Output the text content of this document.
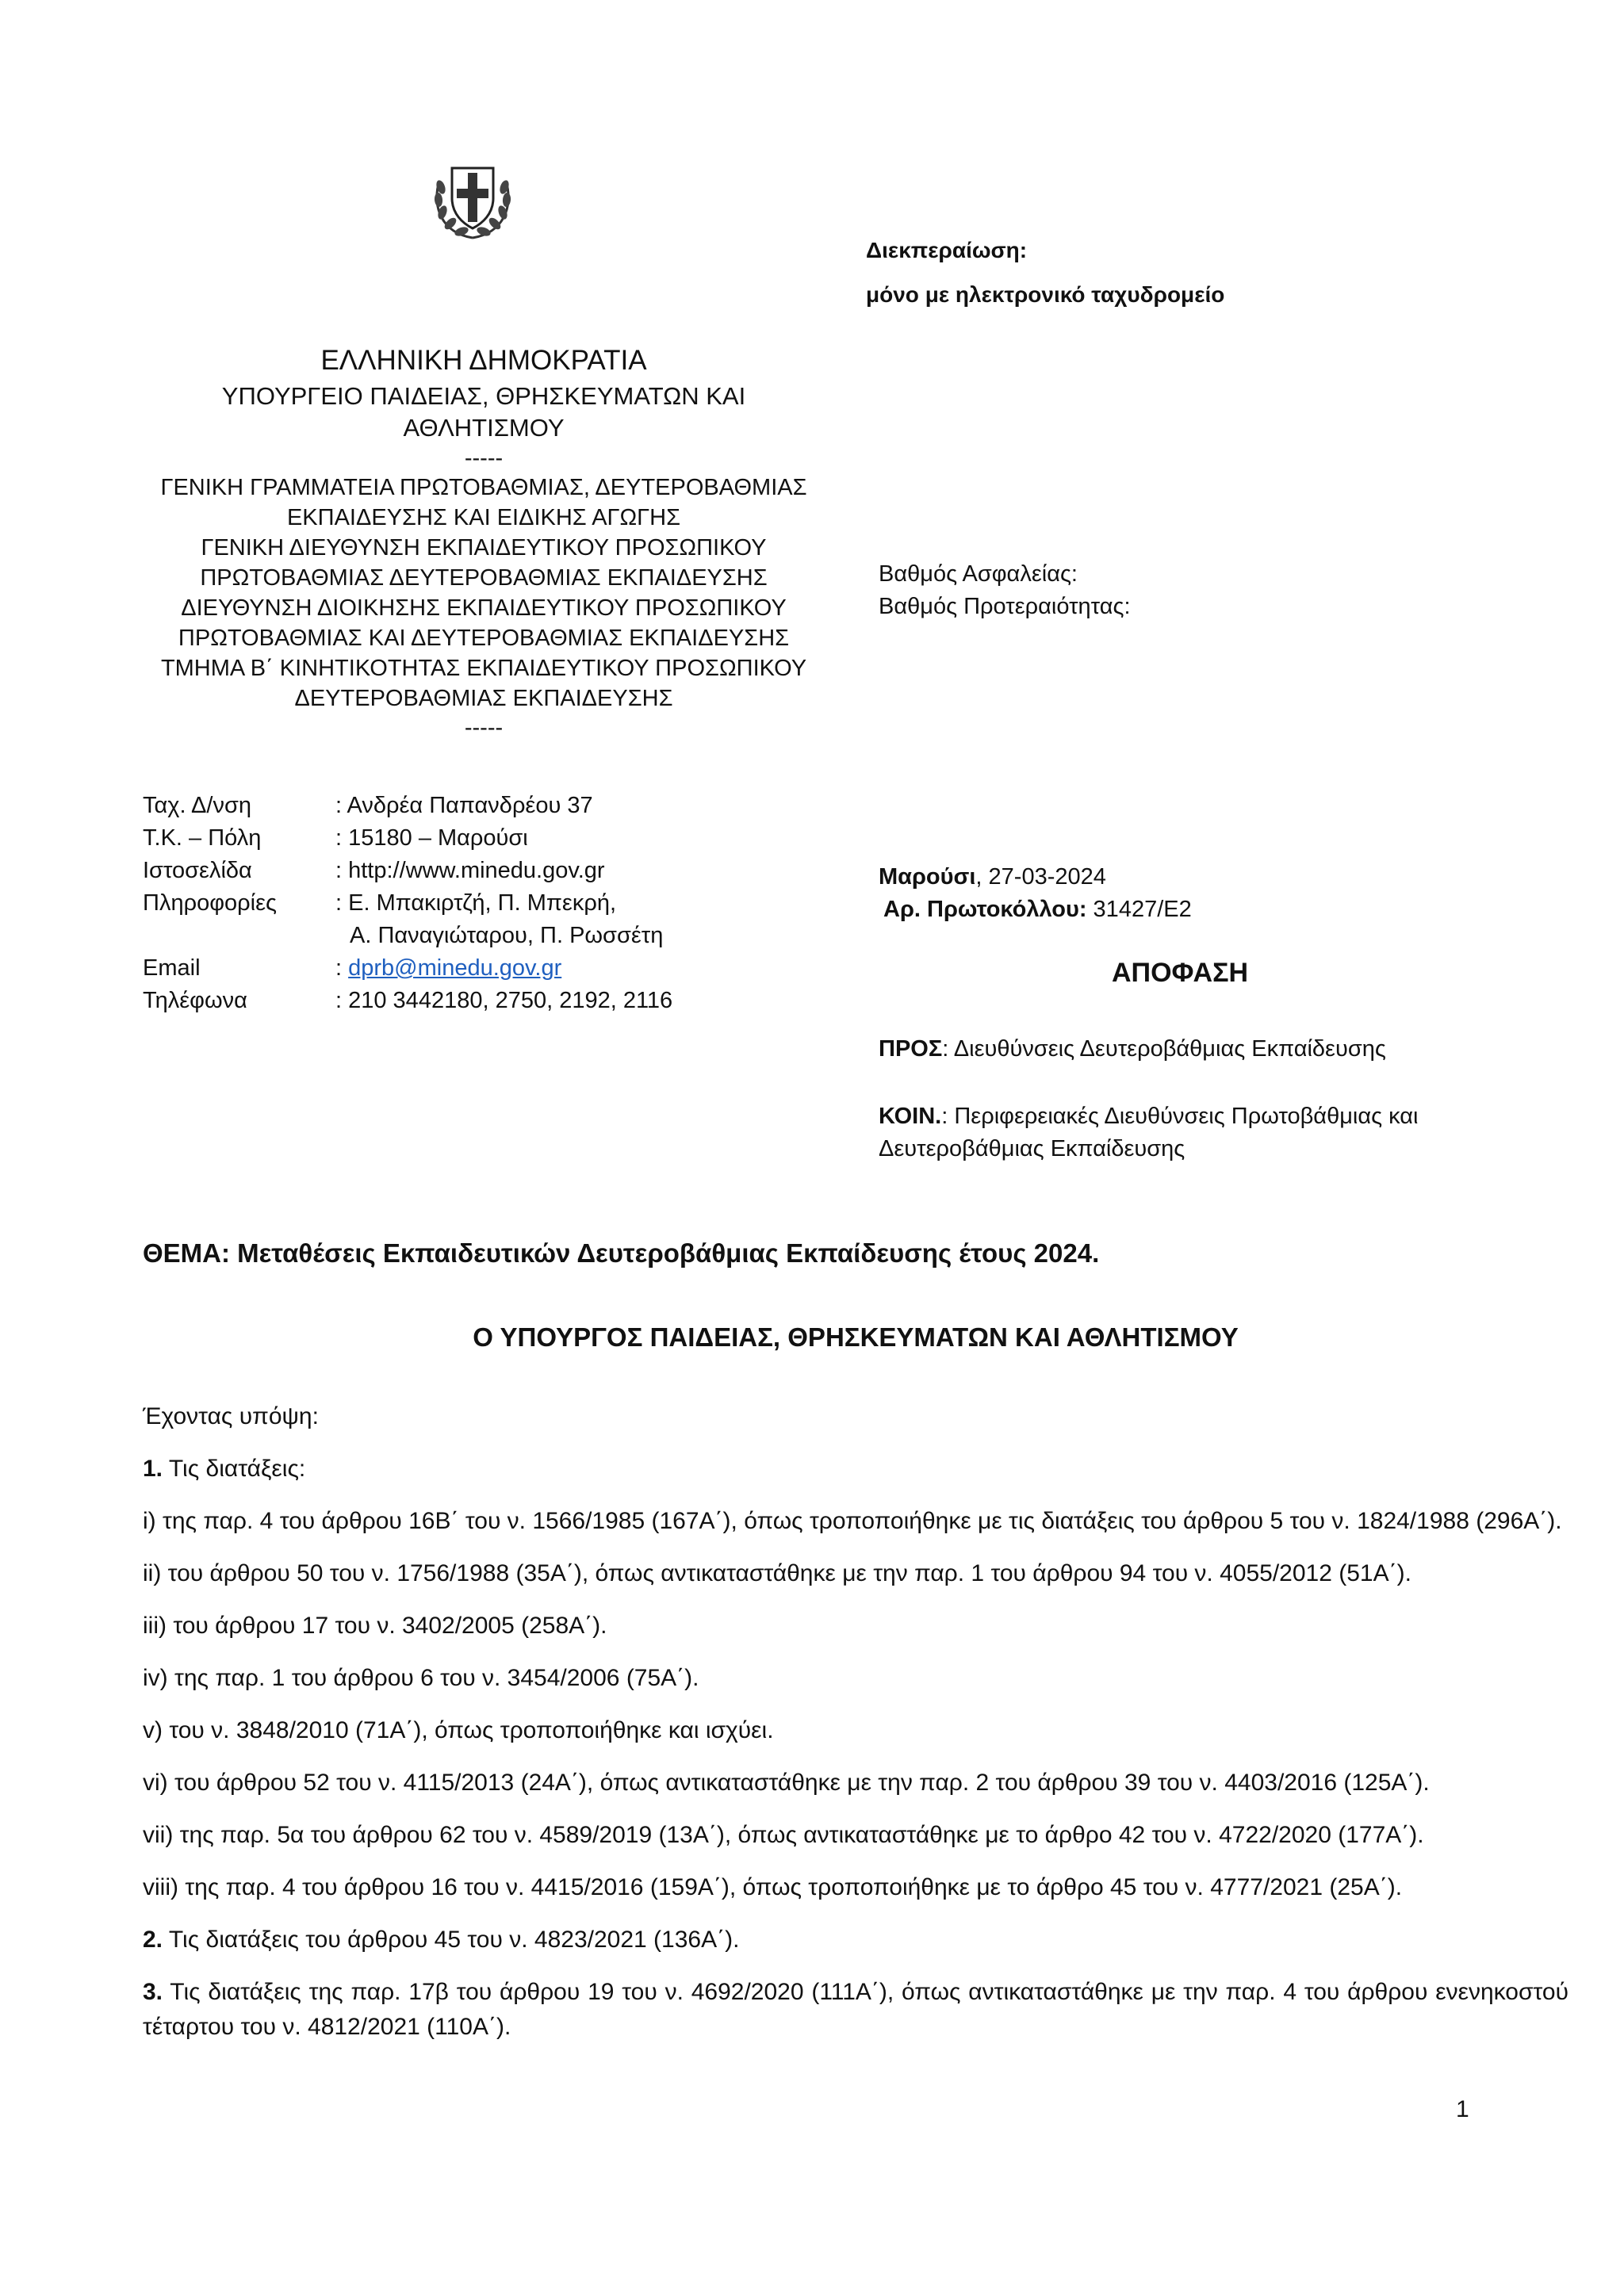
Διεκπεραίωση:
μόνο με ηλεκτρονικό ταχυδρομείο
ΕΛΛΗΝΙΚΗ ΔΗΜΟΚΡΑΤΙΑ
ΥΠΟΥΡΓΕΙΟ ΠΑΙΔΕΙΑΣ, ΘΡΗΣΚΕΥΜΑΤΩΝ ΚΑΙ
ΑΘΛΗΤΙΣΜΟΥ
-----
ΓΕΝΙΚΗ ΓΡΑΜΜΑΤΕΙΑ ΠΡΩΤΟΒΑΘΜΙΑΣ, ΔΕΥΤΕΡΟΒΑΘΜΙΑΣ
ΕΚΠΑΙΔΕΥΣΗΣ ΚΑΙ ΕΙΔΙΚΗΣ ΑΓΩΓΗΣ
ΓΕΝΙΚΗ ΔΙΕΥΘΥΝΣΗ ΕΚΠΑΙΔΕΥΤΙΚΟΥ ΠΡΟΣΩΠΙΚΟΥ
ΠΡΩΤΟΒΑΘΜΙΑΣ ΔΕΥΤΕΡΟΒΑΘΜΙΑΣ ΕΚΠΑΙΔΕΥΣΗΣ
ΔΙΕΥΘΥΝΣΗ ΔΙΟΙΚΗΣΗΣ ΕΚΠΑΙΔΕΥΤΙΚΟΥ ΠΡΟΣΩΠΙΚΟΥ
ΠΡΩΤΟΒΑΘΜΙΑΣ ΚΑΙ ΔΕΥΤΕΡΟΒΑΘΜΙΑΣ ΕΚΠΑΙΔΕΥΣΗΣ
ΤΜΗΜΑ Β΄ ΚΙΝΗΤΙΚΟΤΗΤΑΣ ΕΚΠΑΙΔΕΥΤΙΚΟΥ ΠΡΟΣΩΠΙΚΟΥ
ΔΕΥΤΕΡΟΒΑΘΜΙΑΣ ΕΚΠΑΙΔΕΥΣΗΣ
-----
Ταχ. Δ/νση	: Ανδρέα Παπανδρέου 37
Τ.Κ. – Πόλη	: 15180 – Μαρούσι
Ιστοσελίδα	: http://www.minedu.gov.gr
Πληροφορίες	: Ε. Μπακιρτζή, Π. Μπεκρή,
Α. Παναγιώταρου, Π. Ρωσσέτη
Email	: dprb@minedu.gov.gr
Τηλέφωνα	: 210 3442180, 2750, 2192, 2116
Βαθμός Ασφαλείας:
Βαθμός Προτεραιότητας:
Μαρούσι, 27-03-2024
Αρ. Πρωτοκόλλου: 31427/Ε2
ΑΠΟΦΑΣΗ
ΠΡΟΣ: Διευθύνσεις Δευτεροβάθμιας Εκπαίδευσης
ΚΟΙΝ.: Περιφερειακές Διευθύνσεις Πρωτοβάθμιας και
Δευτεροβάθμιας Εκπαίδευσης
ΘΕΜΑ: Μεταθέσεις Εκπαιδευτικών Δευτεροβάθμιας Εκπαίδευσης έτους 2024.
Ο ΥΠΟΥΡΓΟΣ ΠΑΙΔΕΙΑΣ, ΘΡΗΣΚΕΥΜΑΤΩΝ ΚΑΙ ΑΘΛΗΤΙΣΜΟΥ

Έχοντας υπόψη:

1. Τις διατάξεις:

i) της παρ. 4 του άρθρου 16Β΄ του ν. 1566/1985 (167Α΄), όπως τροποποιήθηκε με τις διατάξεις του άρθρου 5 του ν. 1824/1988 (296Α΄).

ii) του άρθρου 50 του ν. 1756/1988 (35Α΄), όπως αντικαταστάθηκε με την παρ. 1 του άρθρου 94 του ν. 4055/2012 (51Α΄).

iii) του άρθρου 17 του ν. 3402/2005 (258Α΄).

iv) της παρ. 1 του άρθρου 6 του ν. 3454/2006 (75Α΄).

v) του ν. 3848/2010 (71Α΄), όπως τροποποιήθηκε και ισχύει.

vi) του άρθρου 52 του ν. 4115/2013 (24Α΄), όπως αντικαταστάθηκε με την παρ. 2 του άρθρου 39 του ν. 4403/2016 (125Α΄).

vii) της παρ. 5α του άρθρου 62 του ν. 4589/2019 (13Α΄), όπως αντικαταστάθηκε με το άρθρο 42 του ν. 4722/2020 (177Α΄).

viii) της παρ. 4 του άρθρου 16 του ν. 4415/2016 (159Α΄), όπως τροποποιήθηκε με το άρθρο 45 του ν. 4777/2021 (25Α΄).

2. Τις διατάξεις του άρθρου 45 του ν. 4823/2021 (136Α΄).

3. Τις διατάξεις της παρ. 17β του άρθρου 19 του ν. 4692/2020 (111Α΄), όπως αντικαταστάθηκε με την παρ. 4 του άρθρου ενενηκοστού τέταρτου του ν. 4812/2021 (110Α΄).

1
